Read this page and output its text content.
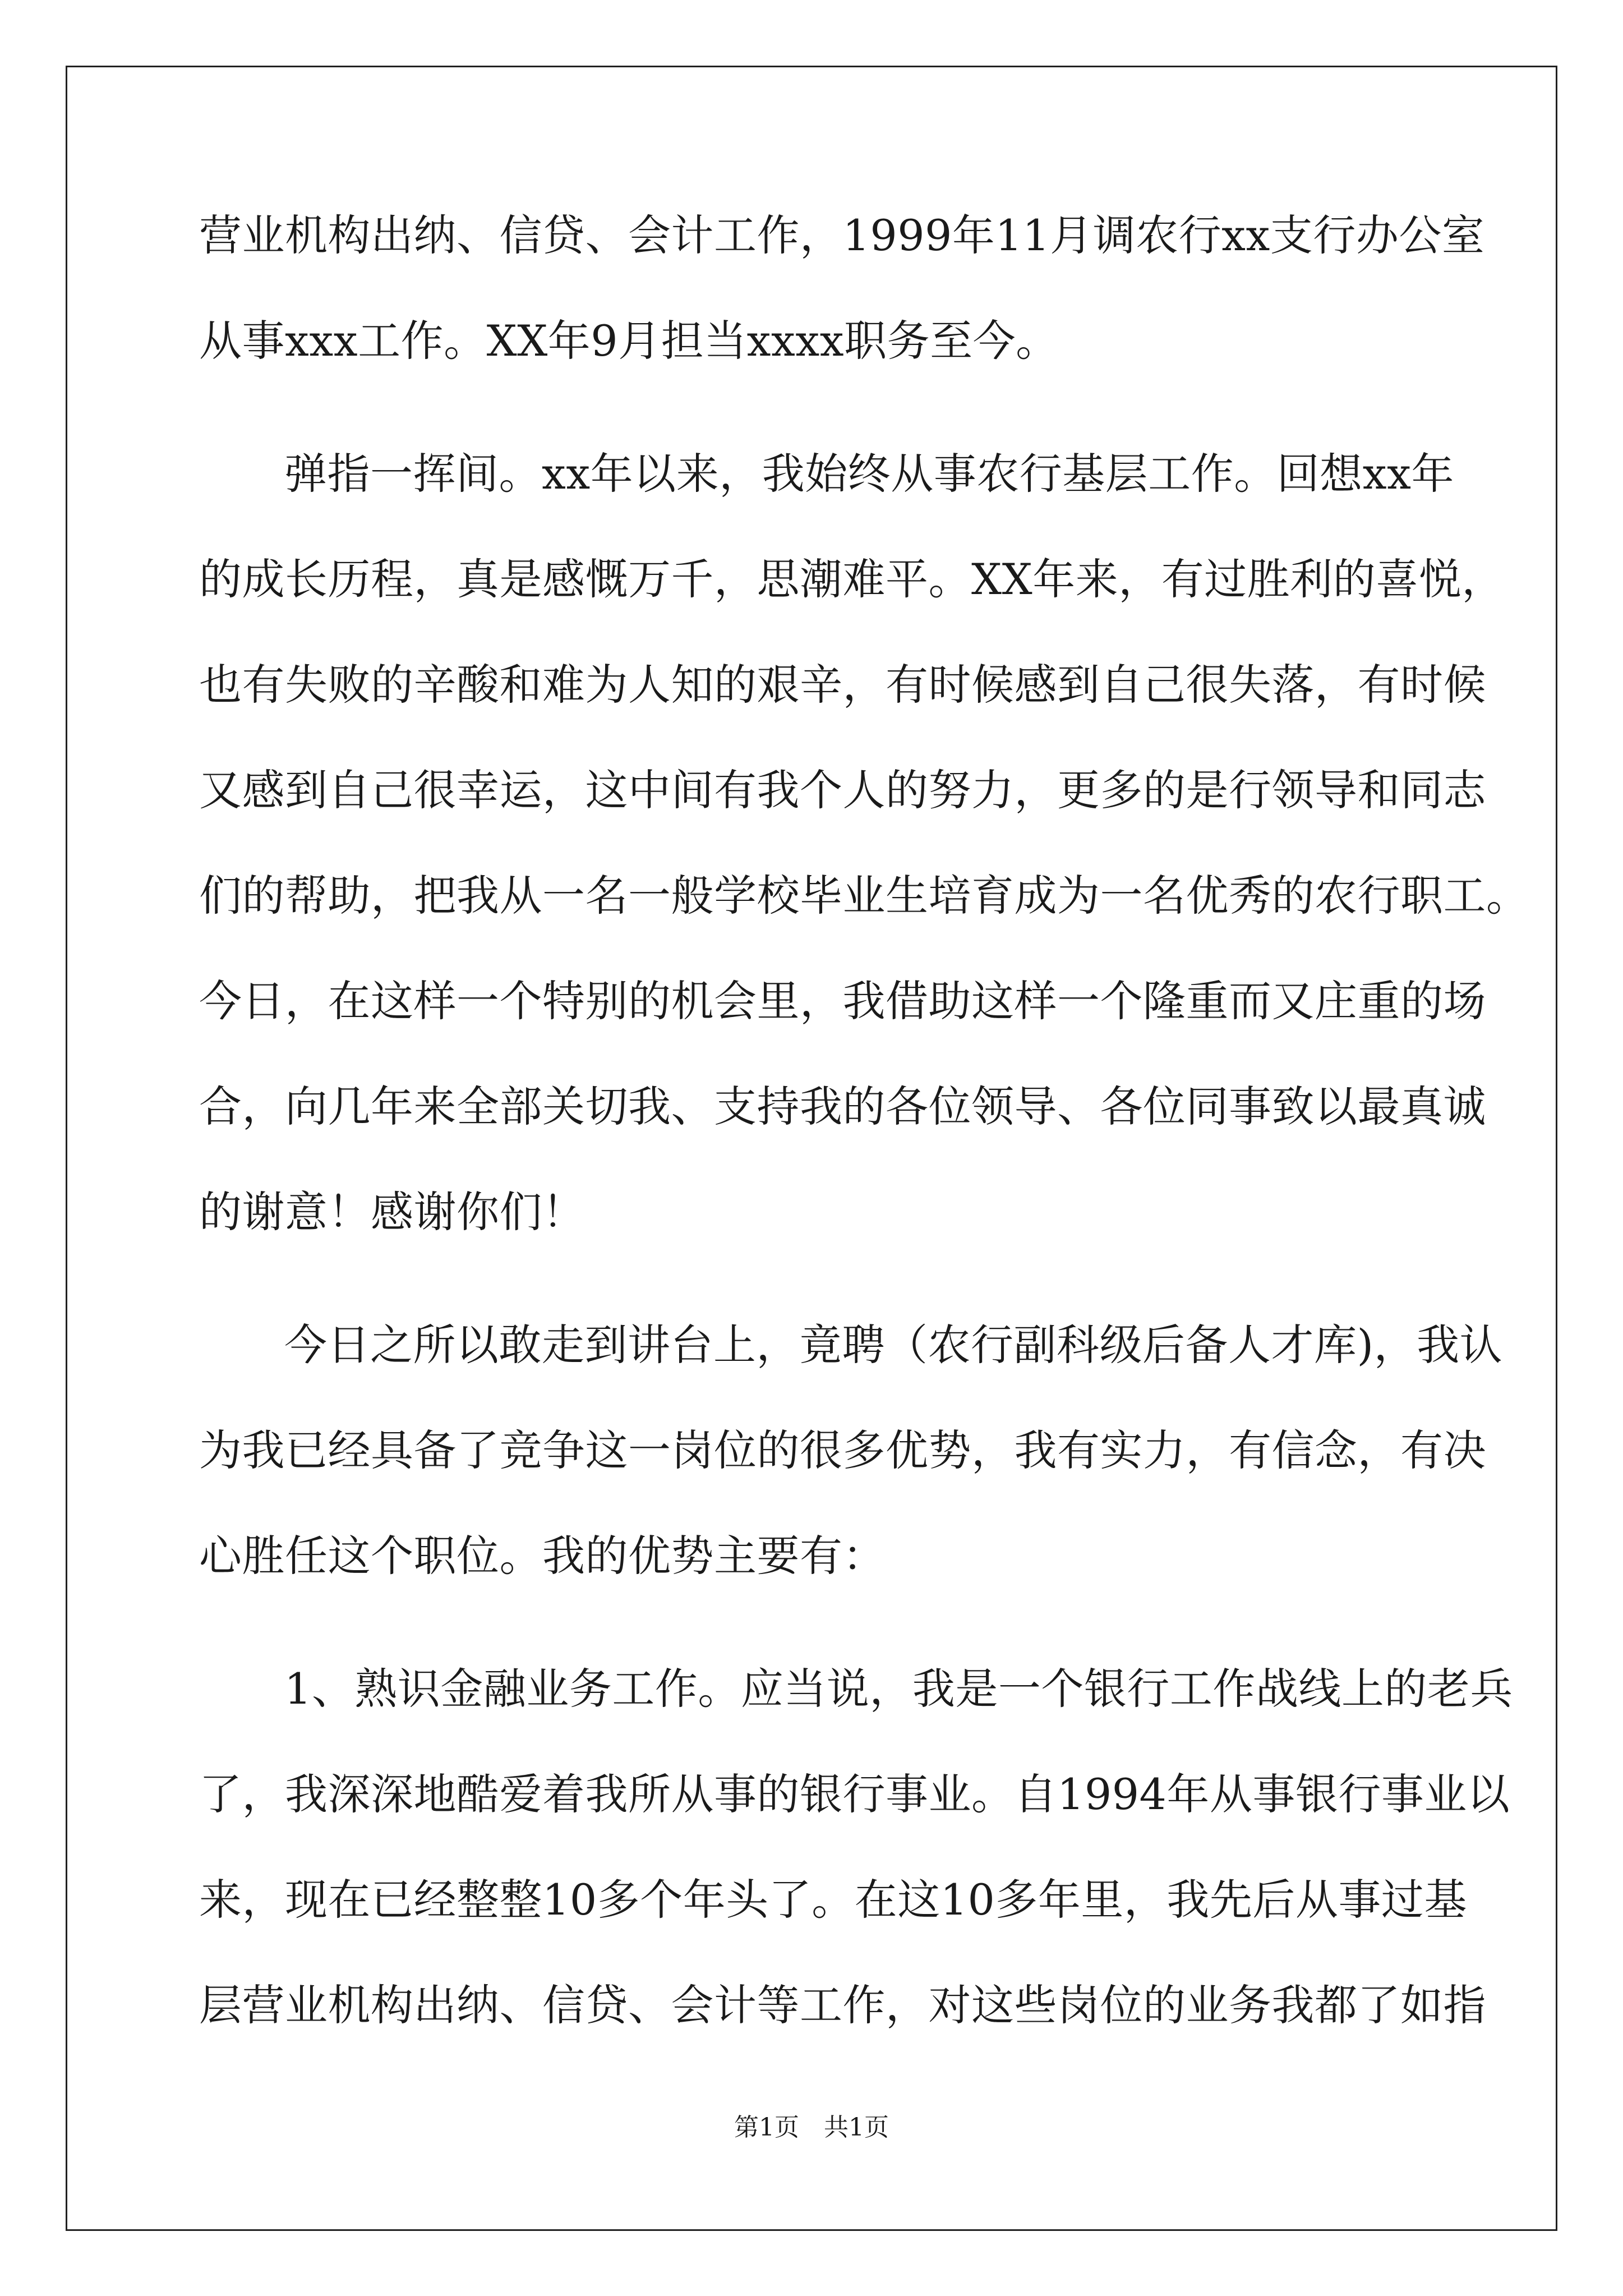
营业机构出纳、信贷、会计工作，1999年11月调农行xx支行办公室
从事xxx工作。XX年9月担当xxxx职务至今。
弹指一挥间。xx年以来，我始终从事农行基层工作。回想xx年
的成长历程，真是感慨万千，思潮难平。XX年来，有过胜利的喜悦，
也有失败的辛酸和难为人知的艰辛，有时候感到自己很失落，有时候
又感到自己很幸运，这中间有我个人的努力，更多的是行领导和同志
们的帮助，把我从一名一般学校毕业生培育成为一名优秀的农行职工。
今日，在这样一个特别的机会里，我借助这样一个隆重而又庄重的场
合，向几年来全部关切我、支持我的各位领导、各位同事致以最真诚
的谢意！感谢你们！
今日之所以敢走到讲台上，竟聘（农行副科级后备人才库)，我认
为我已经具备了竞争这一岗位的很多优势，我有实力，有信念，有决
心胜任这个职位。我的优势主要有：
1、熟识金融业务工作。应当说，我是一个银行工作战线上的老兵
了，我深深地酷爱着我所从事的银行事业。自1994年从事银行事业以
来，现在已经整整10多个年头了。在这10多年里，我先后从事过基
层营业机构出纳、信贷、会计等工作，对这些岗位的业务我都了如指
第1页　共1页
